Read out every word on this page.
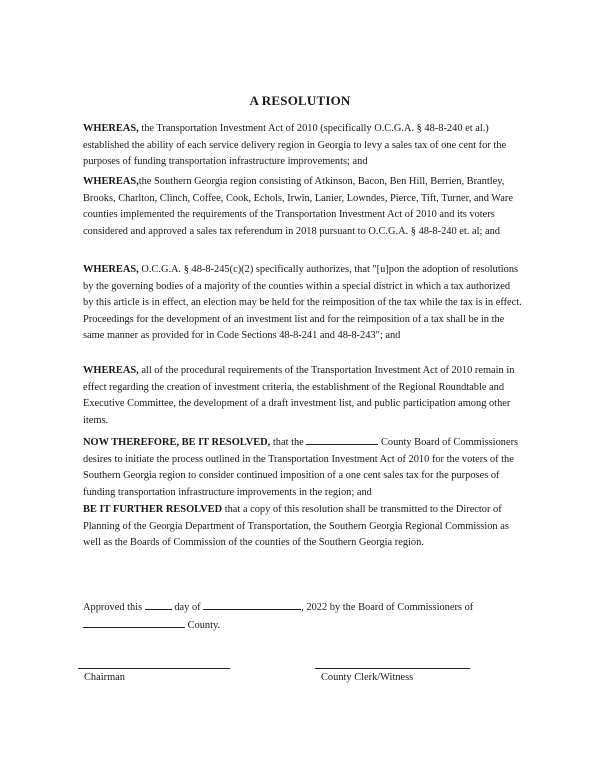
A RESOLUTION

WHEREAS, the Transportation Investment Act of 2010 (specifically O.C.G.A. § 48-8-240 et al.) established the ability of each service delivery region in Georgia to levy a sales tax of one cent for the purposes of funding transportation infrastructure improvements; and

WHEREAS,the Southern Georgia region consisting of Atkinson, Bacon, Ben Hill, Berrien, Brantley, Brooks, Charlton, Clinch, Coffee, Cook, Echols, Irwin, Lanier, Lowndes, Pierce, Tift, Turner, and Ware counties implemented the requirements of the Transportation Investment Act of 2010 and its voters considered and approved a sales tax referendum in 2018 pursuant to O.C.G.A. § 48-8-240 et. al; and

WHEREAS, O.C.G.A. § 48-8-245(c)(2) specifically authorizes, that "[u]pon the adoption of resolutions by the governing bodies of a majority of the counties within a special district in which a tax authorized by this article is in effect, an election may be held for the reimposition of the tax while the tax is in effect. Proceedings for the development of an investment list and for the reimposition of a tax shall be in the same manner as provided for in Code Sections 48-8-241 and 48-8-243"; and

WHEREAS, all of the procedural requirements of the Transportation Investment Act of 2010 remain in effect regarding the creation of investment criteria, the establishment of the Regional Roundtable and Executive Committee, the development of a draft investment list, and public participation among other items.

NOW THEREFORE, BE IT RESOLVED, that the	County Board of Commissioners desires to initiate the process outlined in the Transportation Investment Act of 2010 for the voters of the Southern Georgia region to consider continued imposition of a one cent sales tax for the purposes of funding transportation infrastructure improvements in the region; and

BE IT FURTHER RESOLVED that a copy of this resolution shall be transmitted to the Director of Planning of the Georgia Department of Transportation, the Southern Georgia Regional Commission as well as the Boards of Commission of the counties of the Southern Georgia region.

Approved this	day of	, 2022 by the Board of Commissioners of
County.

Chairman	County Clerk/Witness
